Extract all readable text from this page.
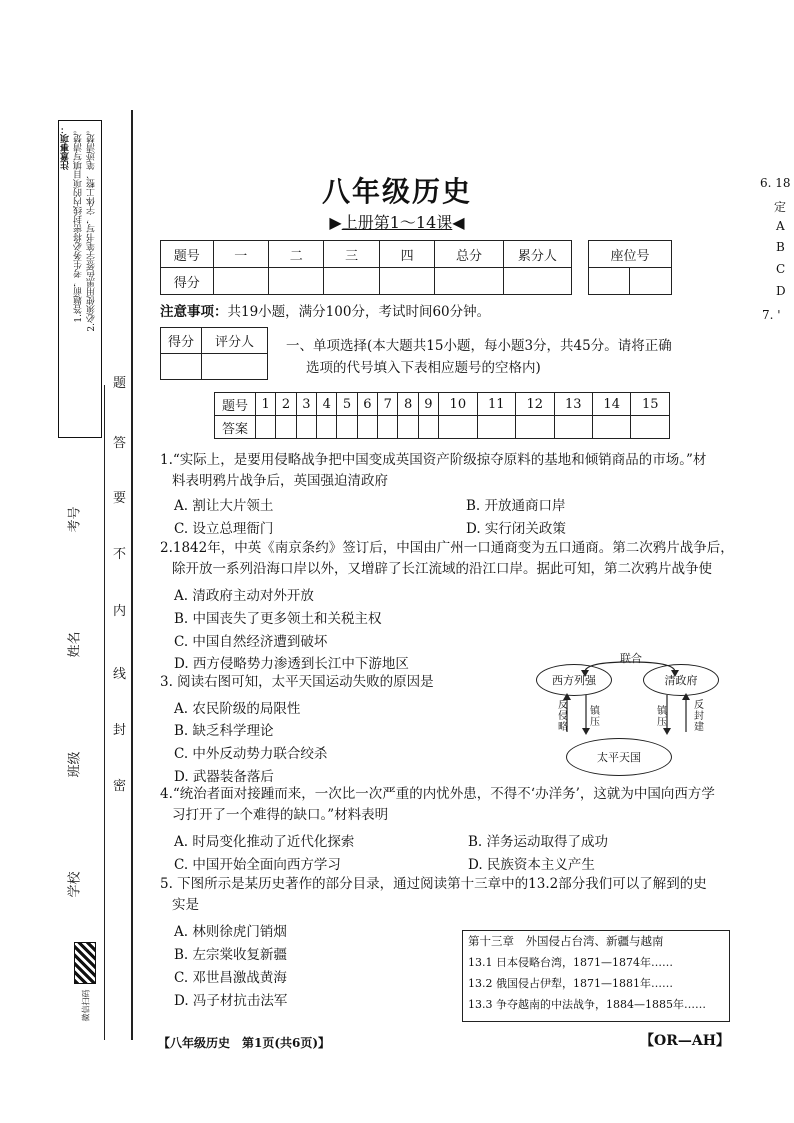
注意事项： 1.答题前，考生务必将密封线内的项目填写清楚。 2.必须使用黑色签字笔书写，字体工整、笔迹清楚。
题
答
要
不
内
线
封
密
学校
班级
姓名
考号
微信扫码
八年级历史
▶上册第1～14课◀
题号	一	二	三	四	总分	累分人
得分						
座位号

注意事项：共19小题，满分100分，考试时间60分钟。
得分	评分人
	一、单项选择(本大题共15小题，每小题3分，共45分。请将正确
选项的代号填入下表相应题号的空格内)
题号	1	2	3	4	5	6	7	8	9	10	11	12	13	14	15
答案															
1.“实际上，是要用侵略战争把中国变成英国资产阶级掠夺原料的基地和倾销商品的市场。”材
料表明鸦片战争后，英国强迫清政府
A. 割让大片领土	B. 开放通商口岸
C. 设立总理衙门	D. 实行闭关政策
2.1842年，中英《南京条约》签订后，中国由广州一口通商变为五口通商。第二次鸦片战争后，
除开放一系列沿海口岸以外，又增辟了长江流域的沿江口岸。据此可知，第二次鸦片战争使
A. 清政府主动对外开放
B. 中国丧失了更多领土和关税主权
C. 中国自然经济遭到破坏
D. 西方侵略势力渗透到长江中下游地区
3. 阅读右图可知，太平天国运动失败的原因是
A. 农民阶级的局限性
B. 缺乏科学理论
C. 中外反动势力联合绞杀
D. 武器装备落后
联合
西方列强	清政府
太平天国
反侵略
镇压
镇压
反封建
4.“统治者面对接踵而来，一次比一次严重的内忧外患，不得不‘办洋务’，这就为中国向西方学
习打开了一个难得的缺口。”材料表明
A. 时局变化推动了近代化探索	B. 洋务运动取得了成功
C. 中国开始全面向西方学习	D. 民族资本主义产生
5. 下图所示是某历史著作的部分目录，通过阅读第十三章中的13.2部分我们可以了解到的史
实是
A. 林则徐虎门销烟
B. 左宗棠收复新疆
C. 邓世昌激战黄海
D. 冯子材抗击法军
第十三章　外国侵占台湾、新疆与越南
13.1 日本侵略台湾，1871—1874年……
13.2 俄国侵占伊犁，1871—1881年……
13.3 争夺越南的中法战争，1884—1885年……
【八年级历史　第1页(共6页)】	【OR—AH】
6. 18
定
A
B
C
D
7. '
